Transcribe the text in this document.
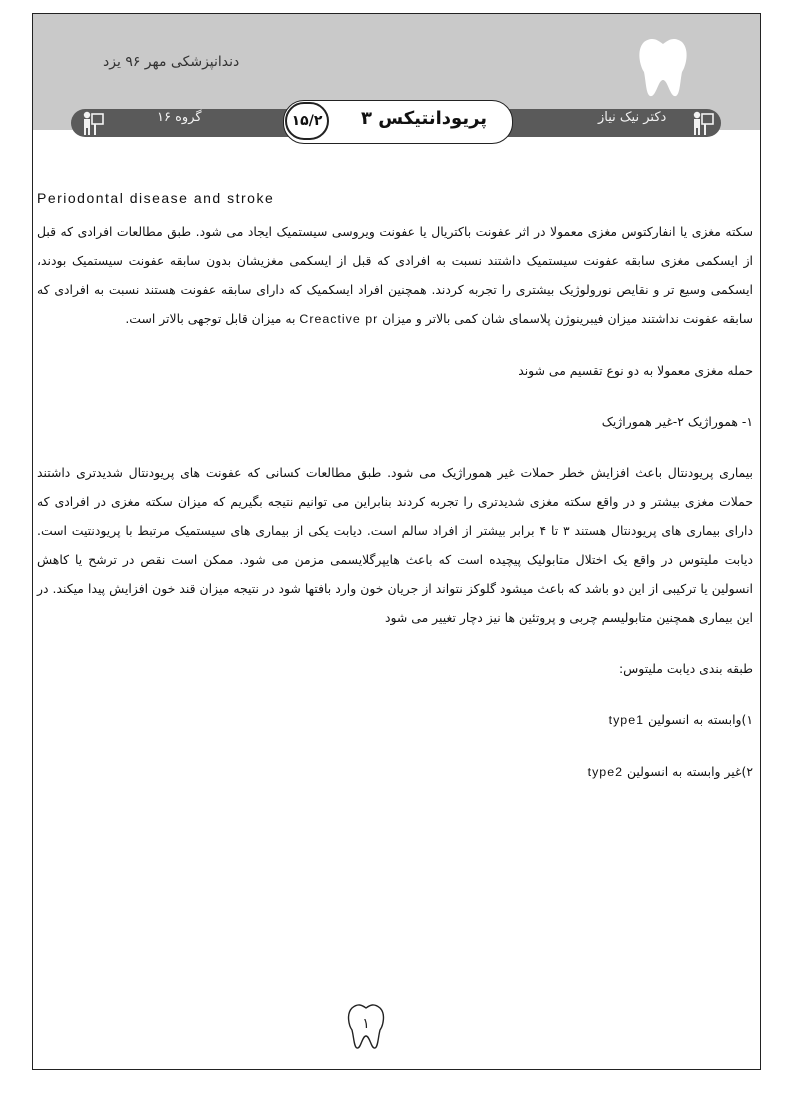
دندانپزشکی مهر ۹۶ یزد
گروه ۱۶	۱۵/۲	پریودانتیکس ۳	دکتر نیک نیاز

Periodontal disease and stroke

سکته مغزی یا انفارکتوس مغزی معمولا در اثر عفونت باکتریال یا عفونت ویروسی سیستمیک ایجاد می شود. طبق مطالعات افرادی که قبل از ایسکمی مغزی سابقه عفونت سیستمیک داشتند نسبت به افرادی که قبل از ایسکمی مغزیشان بدون سابقه عفونت سیستمیک بودند، ایسکمی وسیع تر و نقایص نورولوژیک بیشتری را تجربه کردند. همچنین افراد ایسکمیک که دارای سابقه عفونت هستند نسبت به افرادی که سابقه عفونت نداشتند میزان فیبرینوژن پلاسمای شان کمی بالاتر و میزان Creactive pr به میزان قابل توجهی بالاتر است.

حمله مغزی معمولا به دو نوع تقسیم می شوند

۱- هموراژیک ۲-غیر هموراژیک

بیماری پریودنتال باعث افزایش خطر حملات غیر هموراژیک می شود. طبق مطالعات کسانی که عفونت های پریودنتال شدیدتری داشتند حملات مغزی بیشتر و در واقع سکته مغزی شدیدتری را تجربه کردند بنابراین می توانیم نتیجه بگیریم که میزان سکته مغزی در افرادی که دارای بیماری های پریودنتال هستند ۳ تا ۴ برابر بیشتر از افراد سالم است. دیابت یکی از بیماری های سیستمیک مرتبط با پریودنتیت است. دیابت ملیتوس در واقع یک اختلال متابولیک پیچیده است که باعث هایپرگلایسمی مزمن می شود. ممکن است نقص در ترشح یا کاهش انسولین یا ترکیبی از این دو باشد که باعث میشود گلوکز نتواند از جریان خون وارد بافتها شود در نتیجه میزان قند خون افزایش پیدا میکند. در این بیماری همچنین متابولیسم چربی و پروتئین ها نیز دچار تغییر می شود

طبقه بندی دیابت ملیتوس:

۱)وابسته به انسولین type1

۲)غیر وابسته به انسولین type2

۱
